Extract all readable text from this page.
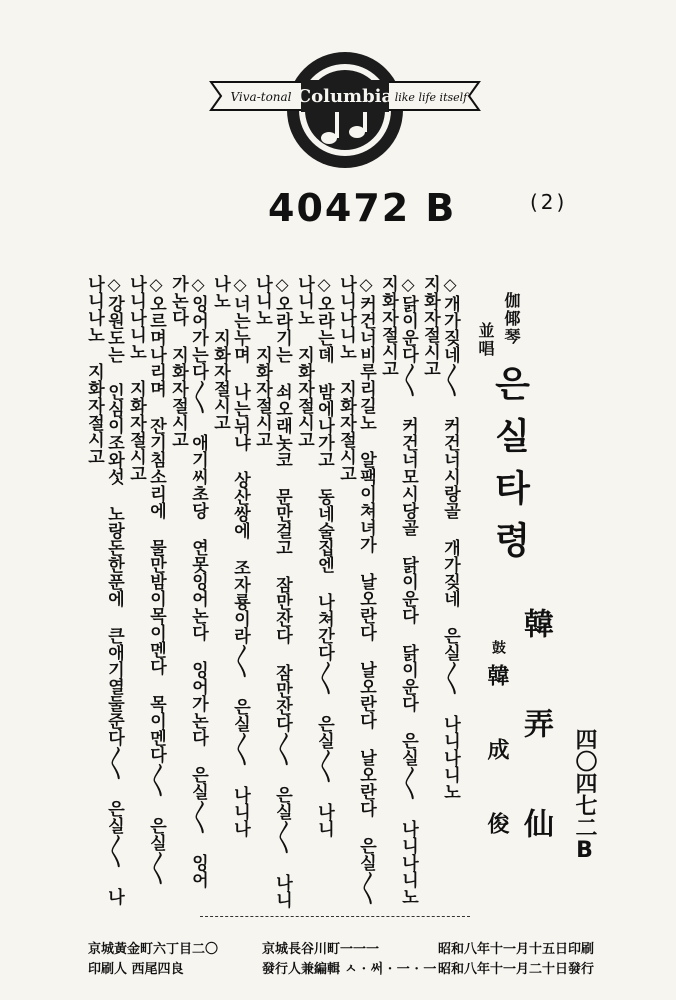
Columbia
Viva-tonal	like life itself
40472 B	(2)
◇개가짖네〱 커건너시랑골 개가짖네 은실〱 나니나니노
지화자절시고
◇닭이운다〱 커건너모시당골 닭이운다 닭이운다 은실〱 나니나니노
지화자절시고
◇커건너비루리길노 알팩이쳐녀가 날오란다 날오란다 날오란다 은실〱
나니나니노 지화자절시고
◇오라는뎨 밤에나가고 동네술집엔 나쳐간다〱 은실〱 나니
나니노 지화자절시고
◇오라기는 쇠오래놋코 문만걸고 잠만잔다 잠만잔다〱 은실〱 나니
나니노 지화자절시고
◇너는누며 나는뉘냐 상산쌍에 조자룡이라〱 은실〱 나니나
나노 지화자절시고
◇잉어가는다〱 애기씨초당 연못잉어논다 잉어가논다 은실〱 잉어
가논다 지화자절시고
◇오르며나리며 잔기침소리에 물만밤이목이멘다 목이멘다〱 은실〱
나니나니노 지화자절시고
◇강원도는 인심이조와섯 노랑돈한푼에 큰애기열둘준다〱 은실〱 나
나니나노 지화자절시고	伽倻琴
並唱
은실타령
韓弄仙
鼓
韓成俊	四〇四七二B
昭和八年十一月十五日印刷
昭和八年十一月二十日發行
京城長谷川町一一一
發行人兼編輯 ㅅ · 써 · 一 · 一 ·
京城黃金町六丁目二〇
印刷人 西尾四良
